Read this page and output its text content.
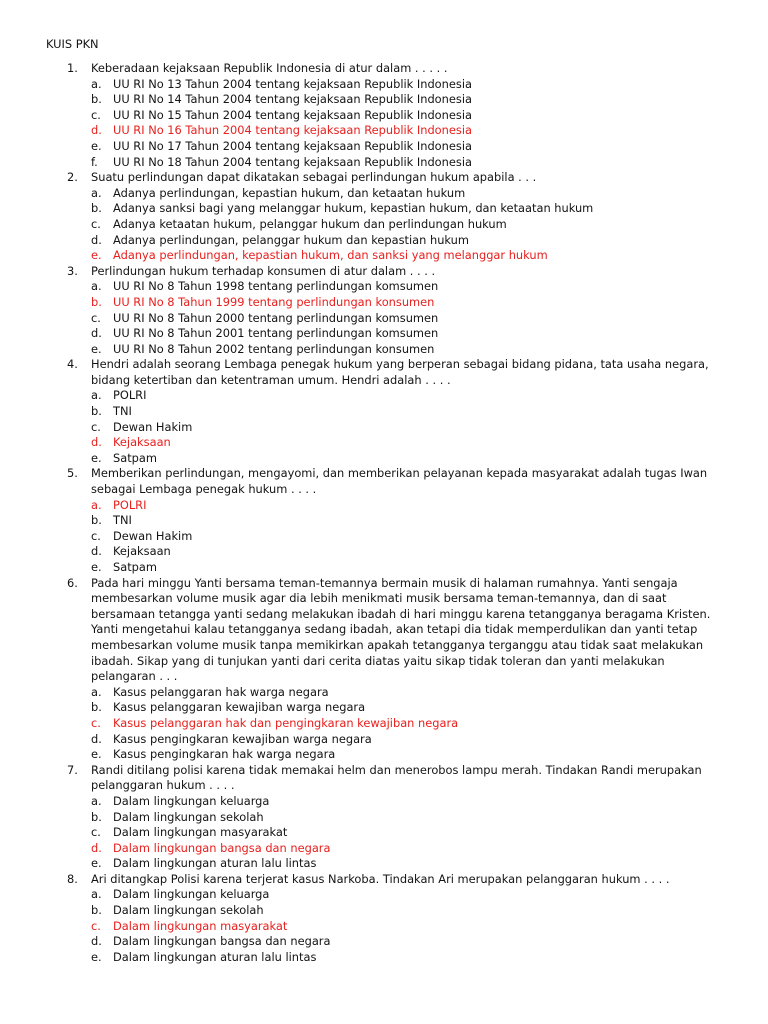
KUIS PKN
1. Keberadaan kejaksaan Republik Indonesia di atur dalam . . . . .
a. UU RI No 13 Tahun 2004 tentang kejaksaan Republik Indonesia
b. UU RI No 14 Tahun 2004 tentang kejaksaan Republik Indonesia
c. UU RI No 15 Tahun 2004 tentang kejaksaan Republik Indonesia
d. UU RI No 16 Tahun 2004 tentang kejaksaan Republik Indonesia
e. UU RI No 17 Tahun 2004 tentang kejaksaan Republik Indonesia
f. UU RI No 18 Tahun 2004 tentang kejaksaan Republik Indonesia
2. Suatu perlindungan dapat dikatakan sebagai perlindungan hukum apabila . . .
a. Adanya perlindungan, kepastian hukum, dan ketaatan hukum
b. Adanya sanksi bagi yang melanggar hukum, kepastian hukum, dan ketaatan hukum
c. Adanya ketaatan hukum, pelanggar hukum dan perlindungan hukum
d. Adanya perlindungan, pelanggar hukum dan kepastian hukum
e. Adanya perlindungan, kepastian hukum, dan sanksi yang melanggar hukum
3. Perlindungan hukum terhadap konsumen di atur dalam . . . .
a. UU RI No 8 Tahun 1998 tentang perlindungan komsumen
b. UU RI No 8 Tahun 1999 tentang perlindungan konsumen
c. UU RI No 8 Tahun 2000 tentang perlindungan komsumen
d. UU RI No 8 Tahun 2001 tentang perlindungan komsumen
e. UU RI No 8 Tahun 2002 tentang perlindungan konsumen
4. Hendri adalah seorang Lembaga penegak hukum yang berperan sebagai bidang pidana, tata usaha negara, bidang ketertiban dan ketentraman umum. Hendri adalah . . . .
a. POLRI
b. TNI
c. Dewan Hakim
d. Kejaksaan
e. Satpam
5. Memberikan perlindungan, mengayomi, dan memberikan pelayanan kepada masyarakat adalah tugas Iwan sebagai Lembaga penegak hukum . . . .
a. POLRI
b. TNI
c. Dewan Hakim
d. Kejaksaan
e. Satpam
6. Pada hari minggu Yanti bersama teman-temannya bermain musik di halaman rumahnya. Yanti sengaja membesarkan volume musik agar dia lebih menikmati musik bersama teman-temannya, dan di saat bersamaan tetangga yanti sedang melakukan ibadah di hari minggu karena tetangganya beragama Kristen. Yanti mengetahui kalau tetangganya sedang ibadah, akan tetapi dia tidak memperdulikan dan yanti tetap membesarkan volume musik tanpa memikirkan apakah tetangganya terganggu atau tidak saat melakukan ibadah. Sikap yang di tunjukan yanti dari cerita diatas yaitu sikap tidak toleran dan yanti melakukan pelangaran . . .
a. Kasus pelanggaran hak warga negara
b. Kasus pelanggaran kewajiban warga negara
c. Kasus pelanggaran hak dan pengingkaran kewajiban negara
d. Kasus pengingkaran kewajiban warga negara
e. Kasus pengingkaran hak warga negara
7. Randi ditilang polisi karena tidak memakai helm dan menerobos lampu merah. Tindakan Randi merupakan pelanggaran hukum . . . .
a. Dalam lingkungan keluarga
b. Dalam lingkungan sekolah
c. Dalam lingkungan masyarakat
d. Dalam lingkungan bangsa dan negara
e. Dalam lingkungan aturan lalu lintas
8. Ari ditangkap Polisi karena terjerat kasus Narkoba. Tindakan Ari merupakan pelanggaran hukum . . . .
a. Dalam lingkungan keluarga
b. Dalam lingkungan sekolah
c. Dalam lingkungan masyarakat
d. Dalam lingkungan bangsa dan negara
e. Dalam lingkungan aturan lalu lintas
